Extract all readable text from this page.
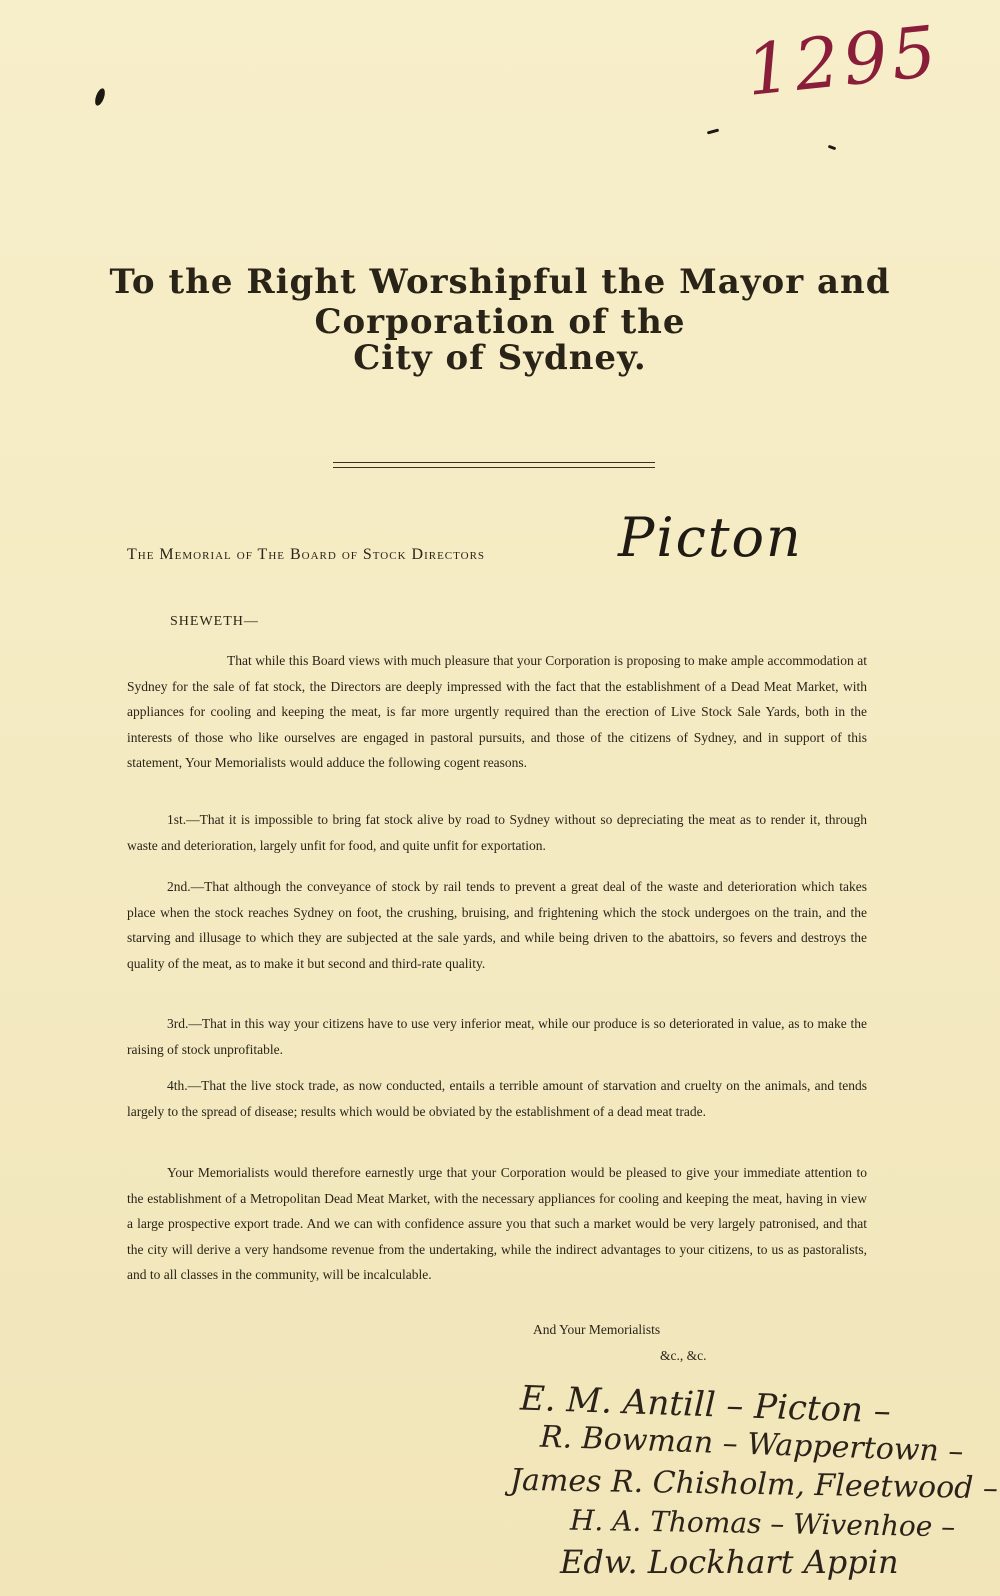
1295
To the Right Worshipful the Mayor and Corporation of the
City of Sydney.
The Memorial of The Board of Stock Directors Picton
SHEWETH—
That while this Board views with much pleasure that your Corporation is proposing to make ample accommodation at Sydney for the sale of fat stock, the Directors are deeply impressed with the fact that the establishment of a Dead Meat Market, with appliances for cooling and keeping the meat, is far more urgently required than the erection of Live Stock Sale Yards, both in the interests of those who like ourselves are engaged in pastoral pursuits, and those of the citizens of Sydney, and in support of this statement, Your Memorialists would adduce the following cogent reasons.
1st.—That it is impossible to bring fat stock alive by road to Sydney without so depreciating the meat as to render it, through waste and deterioration, largely unfit for food, and quite unfit for exportation.
2nd.—That although the conveyance of stock by rail tends to prevent a great deal of the waste and deterioration which takes place when the stock reaches Sydney on foot, the crushing, bruising, and frightening which the stock undergoes on the train, and the starving and illusage to which they are subjected at the sale yards, and while being driven to the abattoirs, so fevers and destroys the quality of the meat, as to make it but second and third-rate quality.
3rd.—That in this way your citizens have to use very inferior meat, while our produce is so deteriorated in value, as to make the raising of stock unprofitable.
4th.—That the live stock trade, as now conducted, entails a terrible amount of starvation and cruelty on the animals, and tends largely to the spread of disease; results which would be obviated by the establishment of a dead meat trade.
Your Memorialists would therefore earnestly urge that your Corporation would be pleased to give your immediate attention to the establishment of a Metropolitan Dead Meat Market, with the necessary appliances for cooling and keeping the meat, having in view a large prospective export trade. And we can with confidence assure you that such a market would be very largely patronised, and that the city will derive a very handsome revenue from the undertaking, while the indirect advantages to your citizens, to us as pastoralists, and to all classes in the community, will be incalculable.
And Your Memorialists
&c., &c.
E. M. Antill – Picton –
R. Bowman – Wappertown –
James R. Chisholm, Fleetwood –
H. A. Thomas – Wivenhoe –
Edw. Lockhart Appin
